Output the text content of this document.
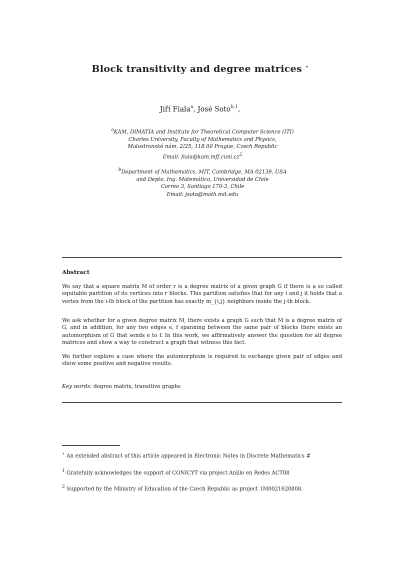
Block transitivity and degree matrices ⋆
Jiří Fiala$^a$, José Soto$^{b,1}$,
aKAM, DIMATIA and Institute for Theoretical Computer Science (ITI)
Charles University, Faculty of Mathematics and Physics,
Malostranské nám. 2/25, 118 00 Prague, Czech Republic
Email: fiala@kam.mff.cuni.cz2
bDepartment of Mathematics, MIT, Cambridge, MA 02139. USA
and Depto, Ing. Matemática, Universidad de Chile
Correo 3, Santiago 170-3, Chile
Email: jsoto@math.mit.edu
Abstract
We say that a square matrix M of order r is a degree matrix of a given graph G if there is a so called equitable partition of its vertices into r blocks. This partition satisfies that for any i and j it holds that a vertex from the i-th block of the partition has exactly m_{i,j} neighbors inside the j-th block.
We ask whether for a given degree matrix M, there exists a graph G such that M is a degree matrix of G, and in addition, for any two edges e, f spanning between the same pair of blocks there exists an automorphism of G that sends e to f. In this work, we affirmatively answer the question for all degree matrices and show a way to construct a graph that witness this fact.
We further explore a case where the automorphism is required to exchange given pair of edges and show some positive and negative results.
Key words: degree matrix, transitive graphs
⋆ An extended abstract of this article appeared in Electronic Notes in Discrete Mathematics #
1 Gratefully acknowledges the support of CONICYT via project Anillo en Redes ACT08
2 Supported by the Ministry of Education of the Czech Republic as project 1M0021620808.
